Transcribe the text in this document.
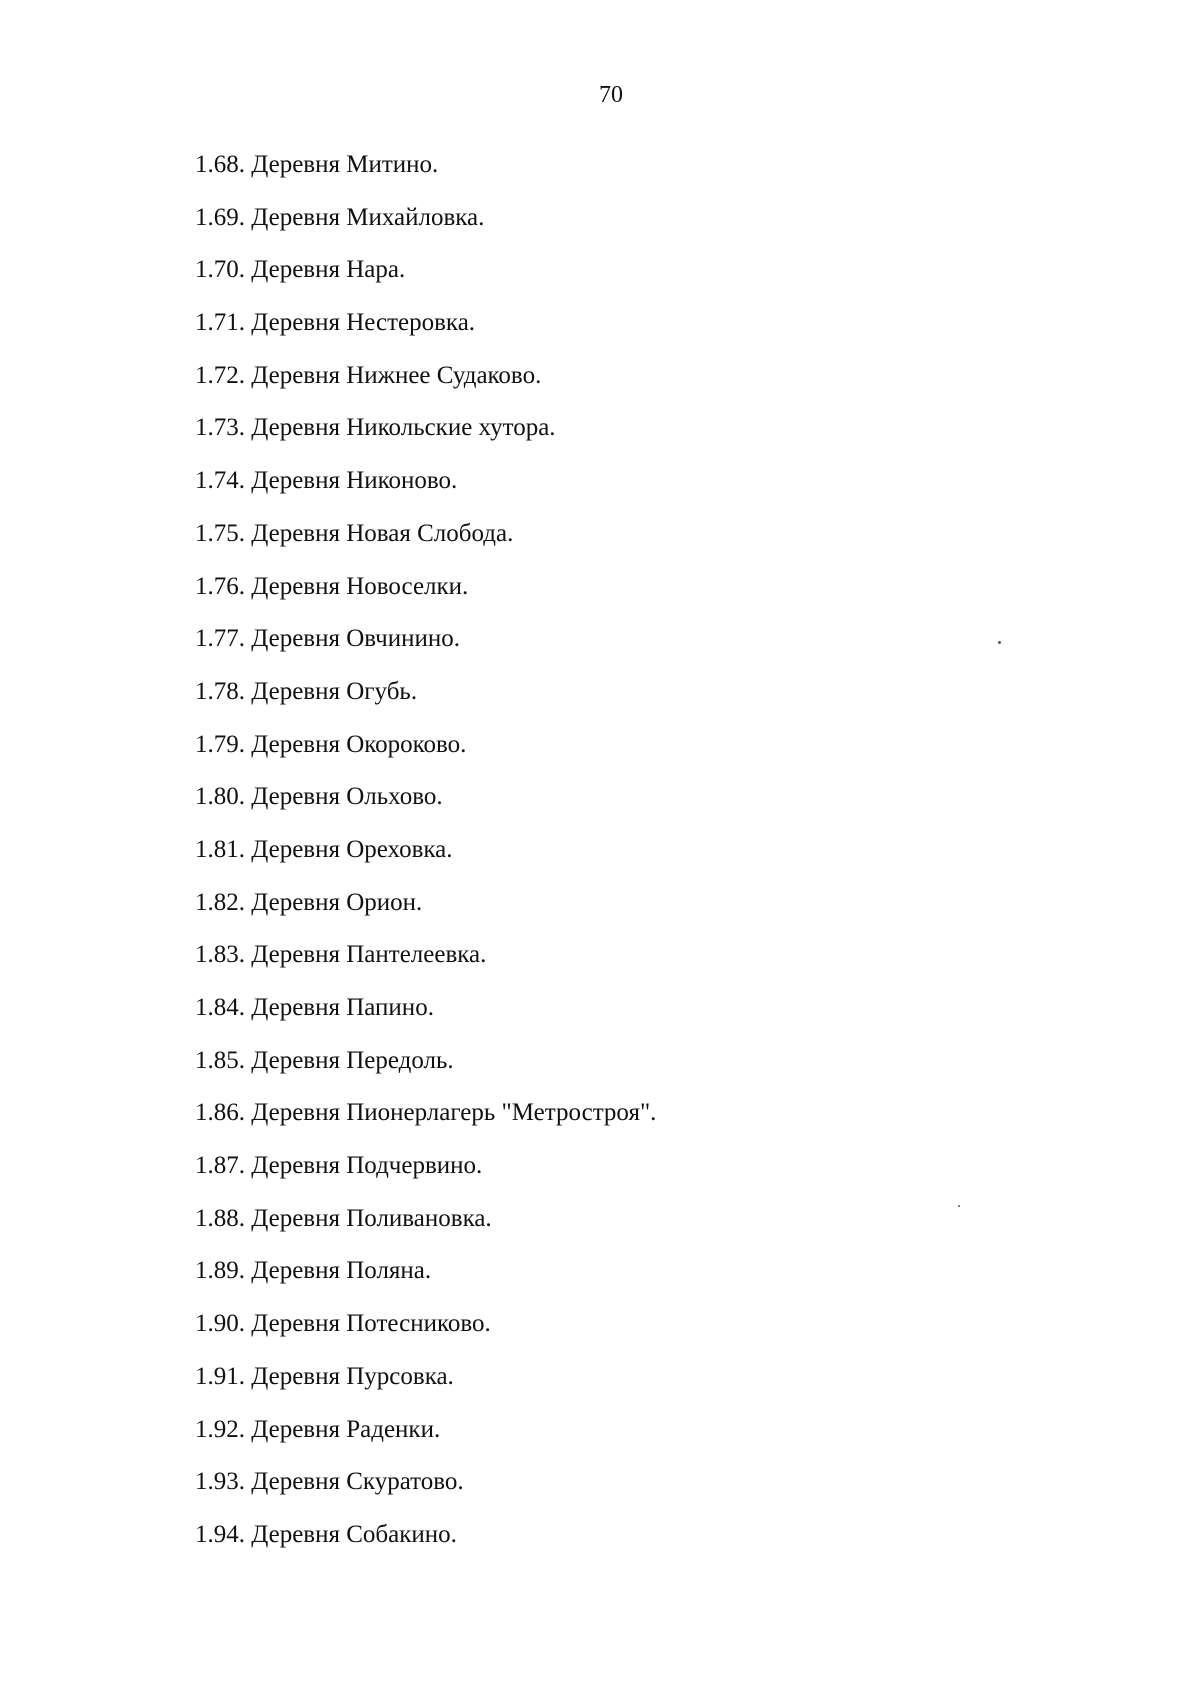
70
1.68. Деревня Митино.
1.69. Деревня Михайловка.
1.70. Деревня Нара.
1.71. Деревня Нестеровка.
1.72. Деревня Нижнее Судаково.
1.73. Деревня Никольские хутора.
1.74. Деревня Никоново.
1.75. Деревня Новая Слобода.
1.76. Деревня Новоселки.
1.77. Деревня Овчинино.
1.78. Деревня Огубь.
1.79. Деревня Окороково.
1.80. Деревня Ольхово.
1.81. Деревня Ореховка.
1.82. Деревня Орион.
1.83. Деревня Пантелеевка.
1.84. Деревня Папино.
1.85. Деревня Передоль.
1.86. Деревня Пионерлагерь "Метростроя".
1.87. Деревня Подчервино.
1.88. Деревня Поливановка.
1.89. Деревня Поляна.
1.90. Деревня Потесниково.
1.91. Деревня Пурсовка.
1.92. Деревня Раденки.
1.93. Деревня Скуратово.
1.94. Деревня Собакино.
